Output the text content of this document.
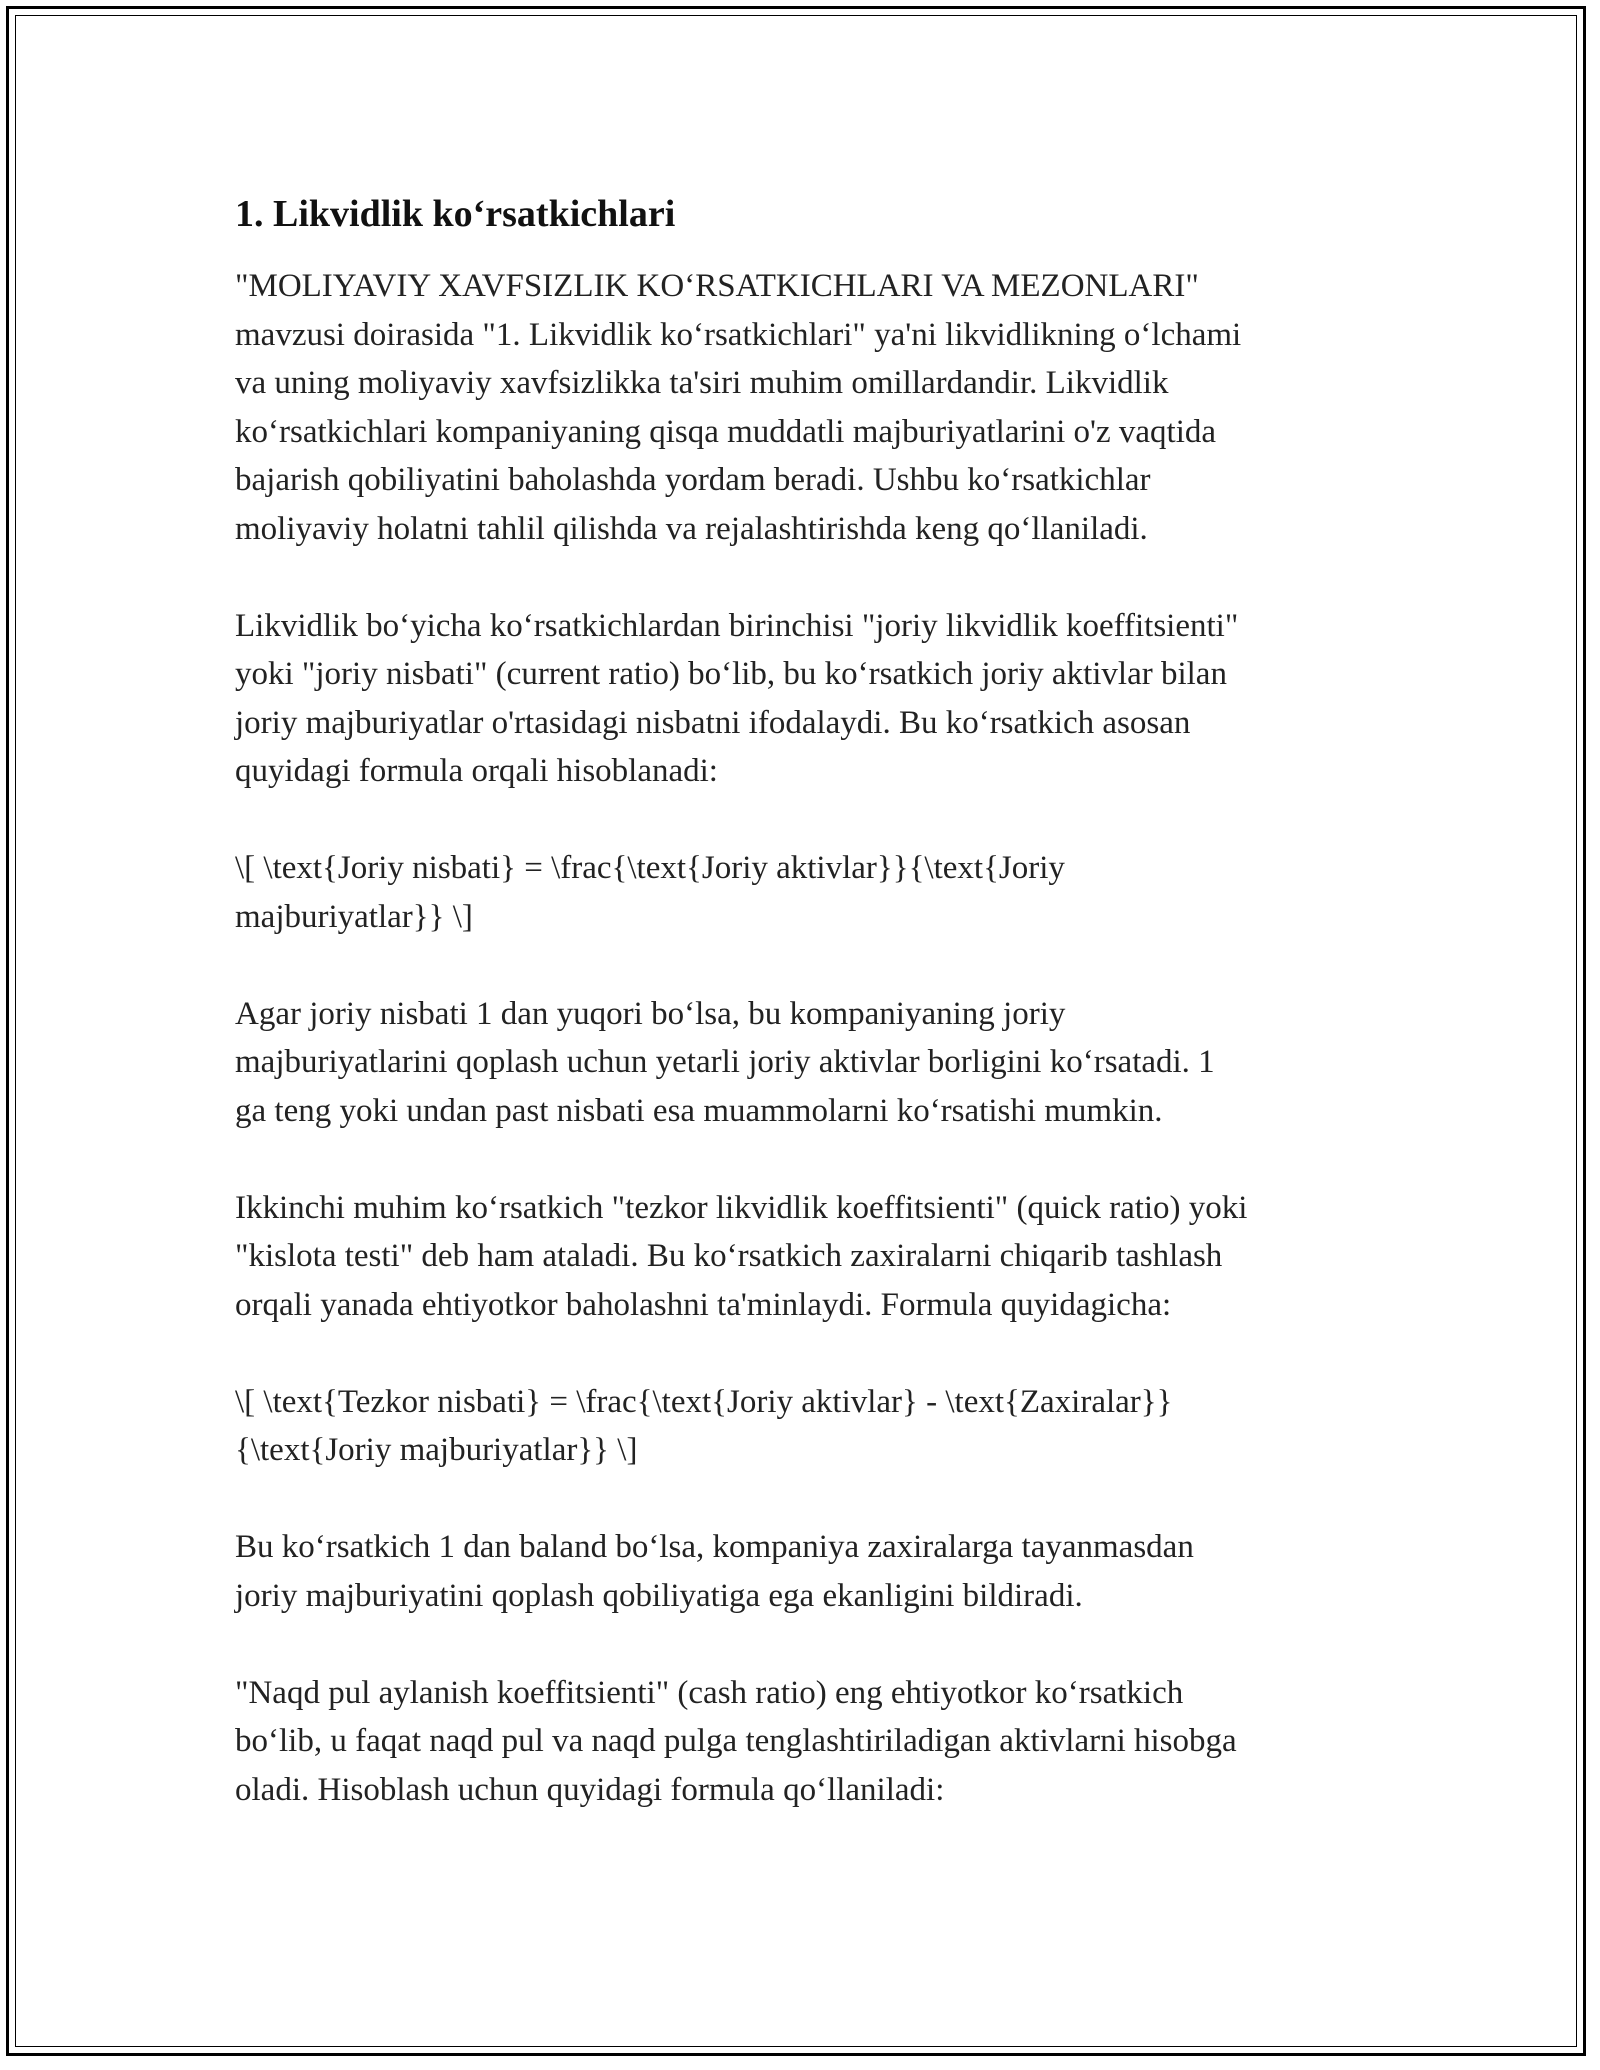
1. Likvidlik ko‘rsatkichlari

"MOLIYAVIY XAVFSIZLIK KO‘RSATKICHLARI VA MEZONLARI"
mavzusi doirasida "1. Likvidlik ko‘rsatkichlari" ya'ni likvidlikning o‘lchami
va uning moliyaviy xavfsizlikka ta'siri muhim omillardandir. Likvidlik
ko‘rsatkichlari kompaniyaning qisqa muddatli majburiyatlarini o'z vaqtida
bajarish qobiliyatini baholashda yordam beradi. Ushbu ko‘rsatkichlar
moliyaviy holatni tahlil qilishda va rejalashtirishda keng qo‘llaniladi.

Likvidlik bo‘yicha ko‘rsatkichlardan birinchisi "joriy likvidlik koeffitsienti"
yoki "joriy nisbati" (current ratio) bo‘lib, bu ko‘rsatkich joriy aktivlar bilan
joriy majburiyatlar o'rtasidagi nisbatni ifodalaydi. Bu ko‘rsatkich asosan
quyidagi formula orqali hisoblanadi:

\[ \text{Joriy nisbati} = \frac{\text{Joriy aktivlar}}{\text{Joriy
majburiyatlar}} \]

Agar joriy nisbati 1 dan yuqori bo‘lsa, bu kompaniyaning joriy
majburiyatlarini qoplash uchun yetarli joriy aktivlar borligini ko‘rsatadi. 1
ga teng yoki undan past nisbati esa muammolarni ko‘rsatishi mumkin.

Ikkinchi muhim ko‘rsatkich "tezkor likvidlik koeffitsienti" (quick ratio) yoki
"kislota testi" deb ham ataladi. Bu ko‘rsatkich zaxiralarni chiqarib tashlash
orqali yanada ehtiyotkor baholashni ta'minlaydi. Formula quyidagicha:

\[ \text{Tezkor nisbati} = \frac{\text{Joriy aktivlar} - \text{Zaxiralar}}
{\text{Joriy majburiyatlar}} \]

Bu ko‘rsatkich 1 dan baland bo‘lsa, kompaniya zaxiralarga tayanmasdan
joriy majburiyatini qoplash qobiliyatiga ega ekanligini bildiradi.

"Naqd pul aylanish koeffitsienti" (cash ratio) eng ehtiyotkor ko‘rsatkich
bo‘lib, u faqat naqd pul va naqd pulga tenglashtiriladigan aktivlarni hisobga
oladi. Hisoblash uchun quyidagi formula qo‘llaniladi:
